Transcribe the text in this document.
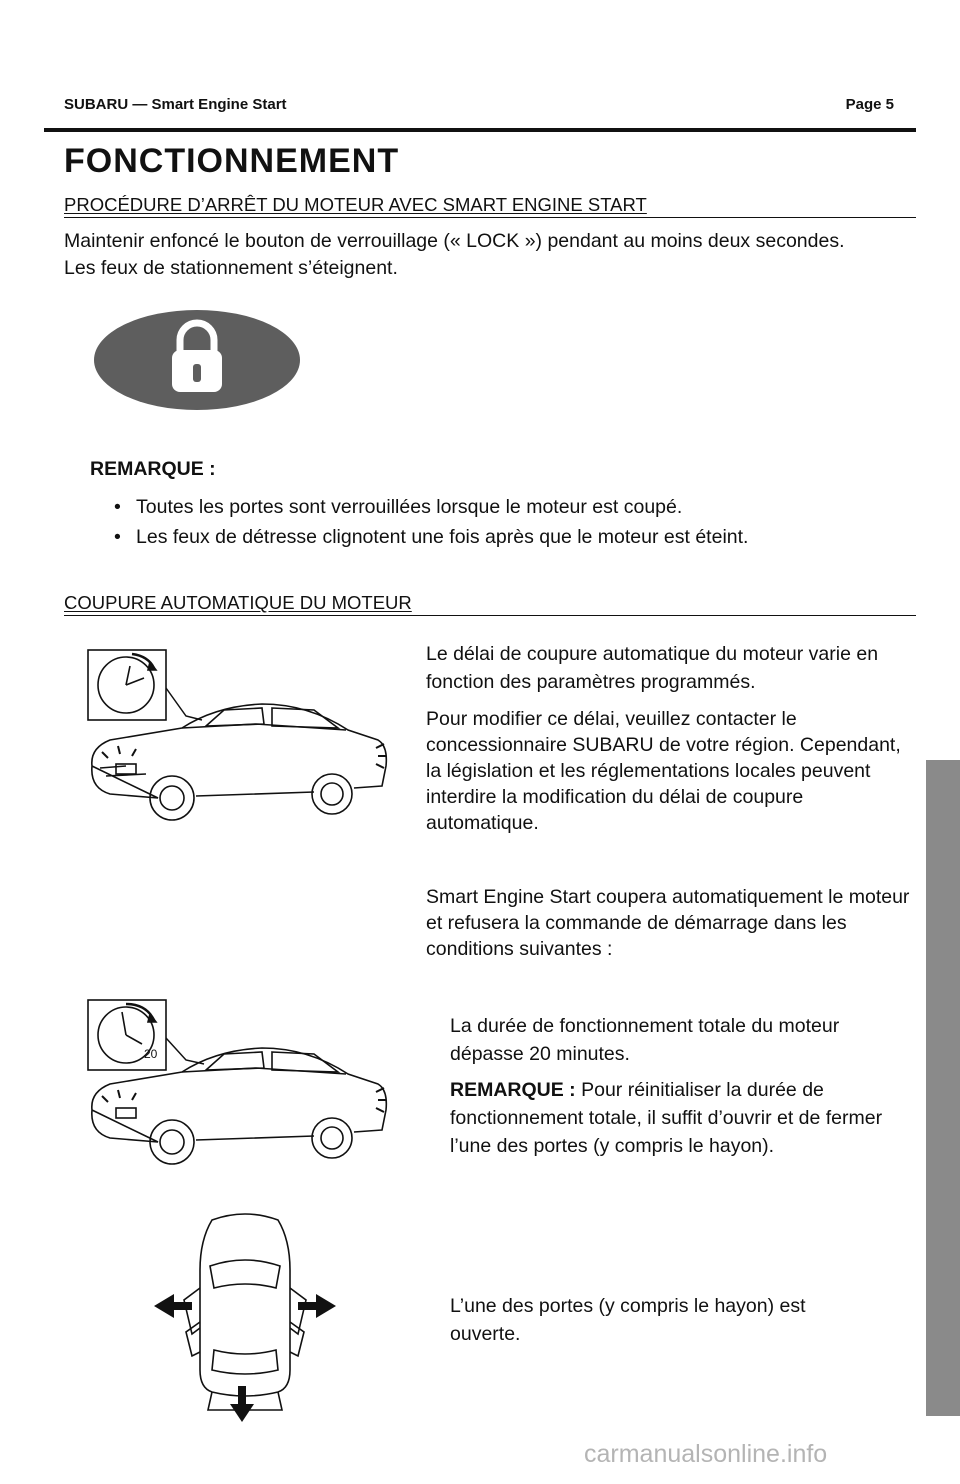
SUBARU — Smart Engine Start	Page 5
FONCTIONNEMENT
PROCÉDURE D’ARRÊT DU MOTEUR AVEC SMART ENGINE START

Maintenir enfoncé le bouton de verrouillage (« LOCK ») pendant au moins deux secondes. Les feux de stationnement s’éteignent.

REMARQUE :

• Toutes les portes sont verrouillées lorsque le moteur est coupé.

• Les feux de détresse clignotent une fois après que le moteur est éteint.

COUPURE AUTOMATIQUE DU MOTEUR

Le délai de coupure automatique du moteur varie en fonction des paramètres programmés.

Pour modifier ce délai, veuillez contacter le concessionnaire SUBARU de votre région. Cependant, la législation et les réglementations locales peuvent interdire la modification du délai de coupure automatique.

Smart Engine Start coupera automatiquement le moteur et refusera la commande de démarrage dans les conditions suivantes :

20

La durée de fonctionnement totale du moteur dépasse 20 minutes.

REMARQUE : Pour réinitialiser la durée de fonctionnement totale, il suffit d’ouvrir et de fermer l’une des portes (y compris le hayon).

L’une des portes (y compris le hayon) est ouverte.

carmanualsonline.info
